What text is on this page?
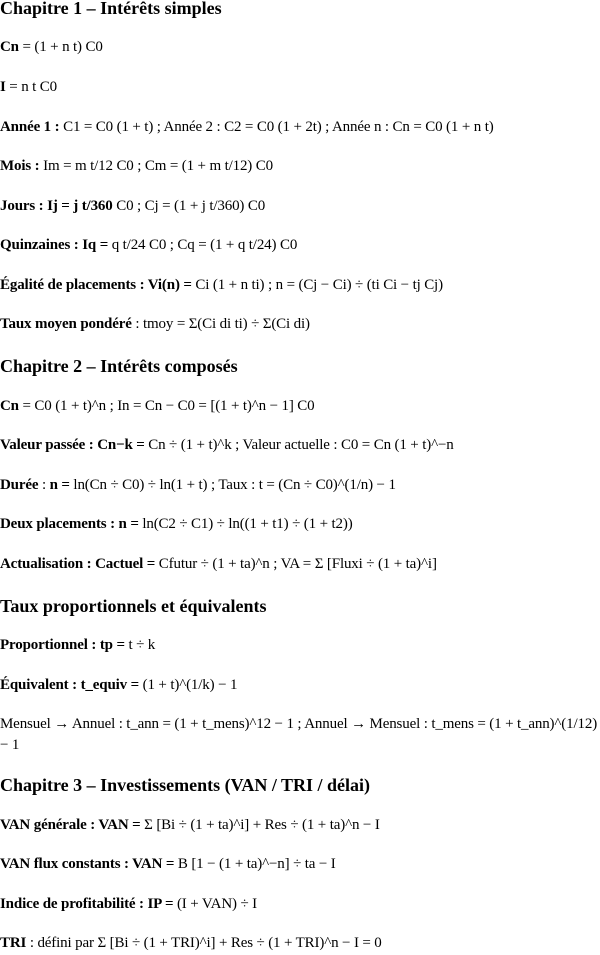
Chapitre 1 – Intérêts simples
Cn = (1 + n t) C0
I = n t C0
Année 1 : C1 = C0 (1 + t) ; Année 2 : C2 = C0 (1 + 2t) ; Année n : Cn = C0 (1 + n t)
Mois : Im = m t/12 C0 ; Cm = (1 + m t/12) C0
Jours : Ij = j t/360 C0 ; Cj = (1 + j t/360) C0
Quinzaines : Iq = q t/24 C0 ; Cq = (1 + q t/24) C0
Égalité de placements : Vi(n) = Ci (1 + n ti) ; n = (Cj − Ci) ÷ (ti Ci − tj Cj)
Taux moyen pondéré : tmoy = Σ(Ci di ti) ÷ Σ(Ci di)
Chapitre 2 – Intérêts composés
Cn = C0 (1 + t)^n ; In = Cn − C0 = [(1 + t)^n − 1] C0
Valeur passée : Cn−k = Cn ÷ (1 + t)^k ; Valeur actuelle : C0 = Cn (1 + t)^−n
Durée : n = ln(Cn ÷ C0) ÷ ln(1 + t) ; Taux : t = (Cn ÷ C0)^(1/n) − 1
Deux placements : n = ln(C2 ÷ C1) ÷ ln((1 + t1) ÷ (1 + t2))
Actualisation : Cactuel = Cfutur ÷ (1 + ta)^n ; VA = Σ [Fluxi ÷ (1 + ta)^i]
Taux proportionnels et équivalents
Proportionnel : tp = t ÷ k
Équivalent : t_equiv = (1 + t)^(1/k) − 1
Mensuel → Annuel : t_ann = (1 + t_mens)^12 − 1 ; Annuel → Mensuel : t_mens = (1 + t_ann)^(1/12) − 1
Chapitre 3 – Investissements (VAN / TRI / délai)
VAN générale : VAN = Σ [Bi ÷ (1 + ta)^i] + Res ÷ (1 + ta)^n − I
VAN flux constants : VAN = B [1 − (1 + ta)^−n] ÷ ta − I
Indice de profitabilité : IP = (I + VAN) ÷ I
TRI : défini par Σ [Bi ÷ (1 + TRI)^i] + Res ÷ (1 + TRI)^n − I = 0
